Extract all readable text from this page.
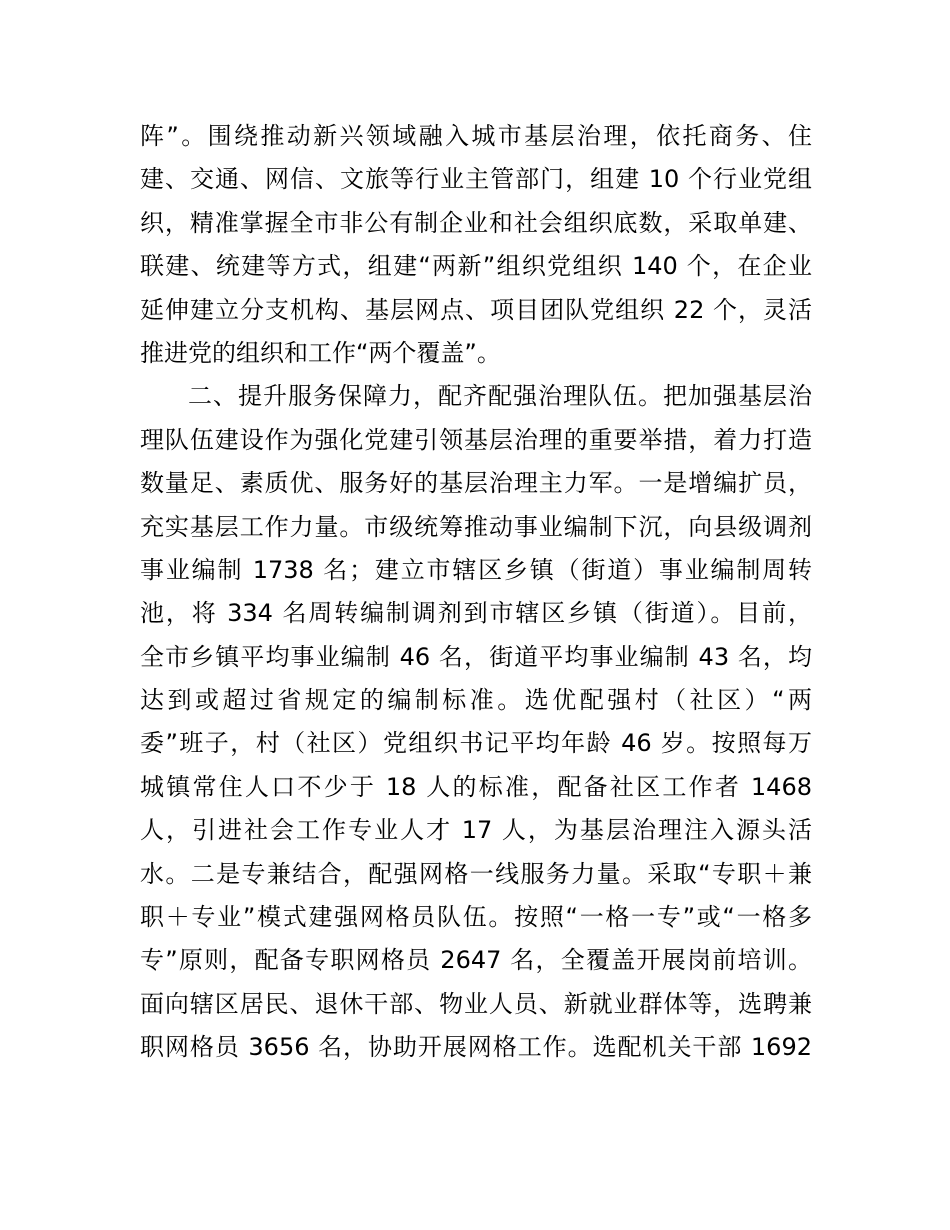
阵”。围绕推动新兴领域融入城市基层治理，依托商务、住
建、交通、网信、文旅等行业主管部门，组建 10 个行业党组
织，精准掌握全市非公有制企业和社会组织底数，采取单建、
联建、统建等方式，组建“两新”组织党组织 140 个，在企业
延伸建立分支机构、基层网点、项目团队党组织 22 个，灵活
推进党的组织和工作“两个覆盖”。
二、提升服务保障力，配齐配强治理队伍。把加强基层治
理队伍建设作为强化党建引领基层治理的重要举措，着力打造
数量足、素质优、服务好的基层治理主力军。一是增编扩员，
充实基层工作力量。市级统筹推动事业编制下沉，向县级调剂
事业编制 1738 名；建立市辖区乡镇（街道）事业编制周转
池，将 334 名周转编制调剂到市辖区乡镇（街道）。目前，
全市乡镇平均事业编制 46 名，街道平均事业编制 43 名，均
达到或超过省规定的编制标准。选优配强村（社区）“两
委”班子，村（社区）党组织书记平均年龄 46 岁。按照每万
城镇常住人口不少于 18 人的标准，配备社区工作者 1468
人，引进社会工作专业人才 17 人，为基层治理注入源头活
水。二是专兼结合，配强网格一线服务力量。采取“专职＋兼
职＋专业”模式建强网格员队伍。按照“一格一专”或“一格多
专”原则，配备专职网格员 2647 名，全覆盖开展岗前培训。
面向辖区居民、退休干部、物业人员、新就业群体等，选聘兼
职网格员 3656 名，协助开展网格工作。选配机关干部 1692
